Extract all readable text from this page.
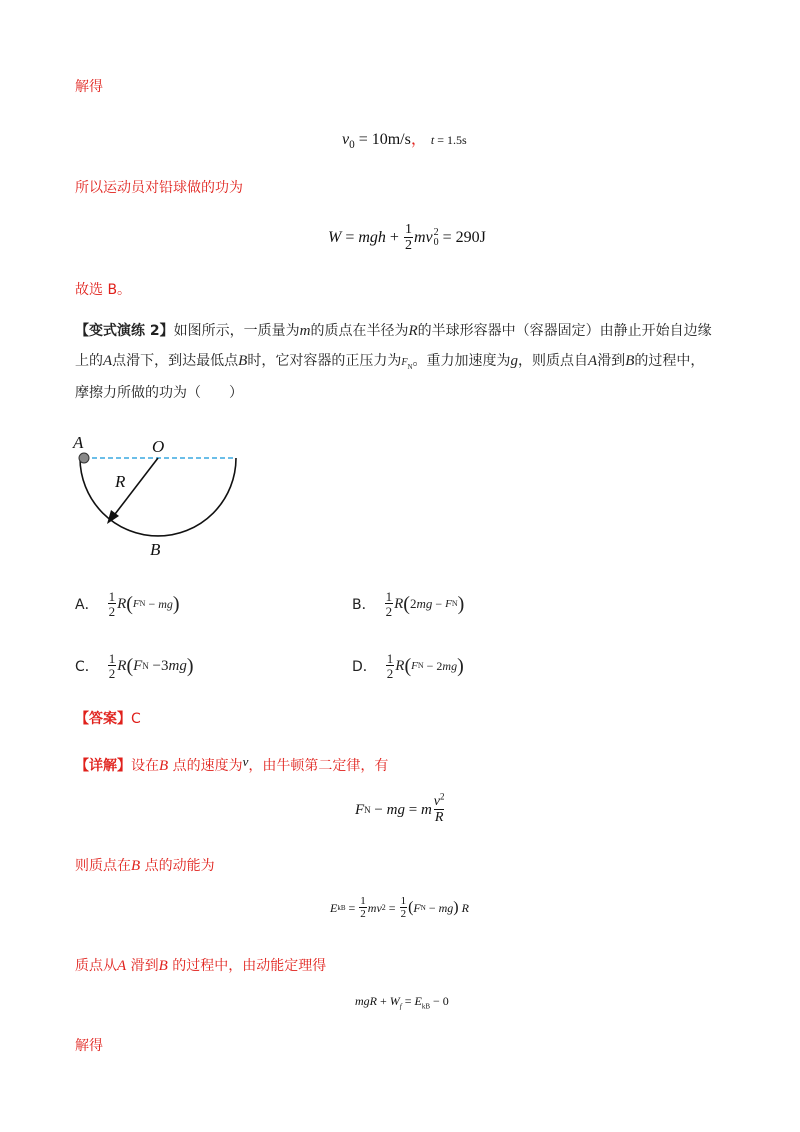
解得
$v_0 = 10m/s$， t = 1.5s
所以运动员对铅球做的功为
W = mgh + $\frac{1}{2}$ mv 2
0 = 290J
故选 B。
【变式演练 2】如图所示，一质量为m的质点在半径为R的半球形容器中（容器固定）由静止开始自边缘
上的A点滑下，到达最低点B时，它对容器的正压力为$F_N$。重力加速度为g，则质点自A滑到B的过程中，
摩擦力所做的功为（　　）
A	O
R
B
A． $\frac{1}{2}$ R ( F N − mg )	B． $\frac{1}{2}$ R ( 2 mg − F N )
C． $\frac{1}{2}$ R ( F N −3 mg )	D． $\frac{1}{2}$ R ( F N − 2 mg )
【答案】C
【详解】设在B 点的速度为v，由牛顿第二定律，有
F N − mg = m $\frac{v^2}{R}$
则质点在B 点的动能为
E kB = $\frac{1}{2}$ mv $2 = \frac{1}{2}$ ( F N − mg )
R
质点从A 滑到B 的过程中，由动能定理得
mgR + $W_f = E_{kB} - 0$
解得
